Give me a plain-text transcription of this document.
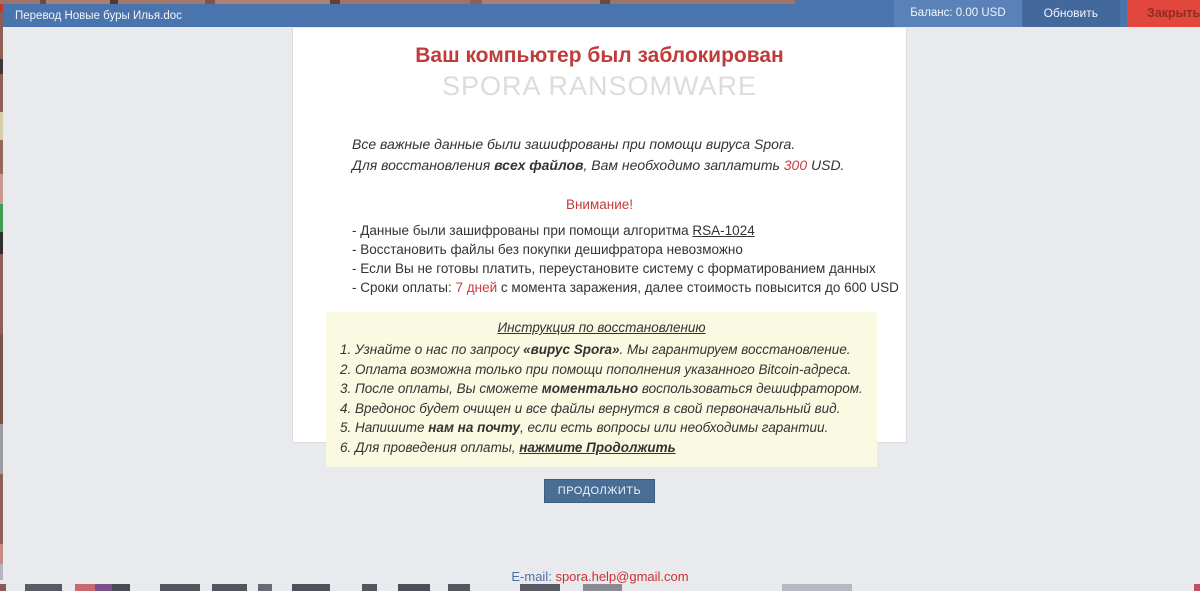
Перевод Новые буры Илья.doc	Баланс: 0.00 USD	Обновить	Закрыть
Ваш компьютер был заблокирован
SPORA RANSOMWARE
Все важные данные были зашифрованы при помощи вируса Spora.
Для восстановления всех файлов, Вам необходимо заплатить 300 USD.
Внимание!
- Данные были зашифрованы при помощи алгоритма RSA-1024
- Восстановить файлы без покупки дешифратора невозможно
- Если Вы не готовы платить, переустановите систему с форматированием данных
- Сроки оплаты: 7 дней с момента заражения, далее стоимость повысится до 600 USD
Инструкция по восстановлению
1. Узнайте о нас по запросу «вирус Spora». Мы гарантируем восстановление.
2. Оплата возможна только при помощи пополнения указанного Bitcoin-адреса.
3. После оплаты, Вы сможете моментально воспользоваться дешифратором.
4. Вредонос будет очищен и все файлы вернутся в свой первоначальный вид.
5. Напишите нам на почту, если есть вопросы или необходимы гарантии.
6. Для проведения оплаты, нажмите Продолжить
ПРОДОЛЖИТЬ
E-mail: spora.help@gmail.com
